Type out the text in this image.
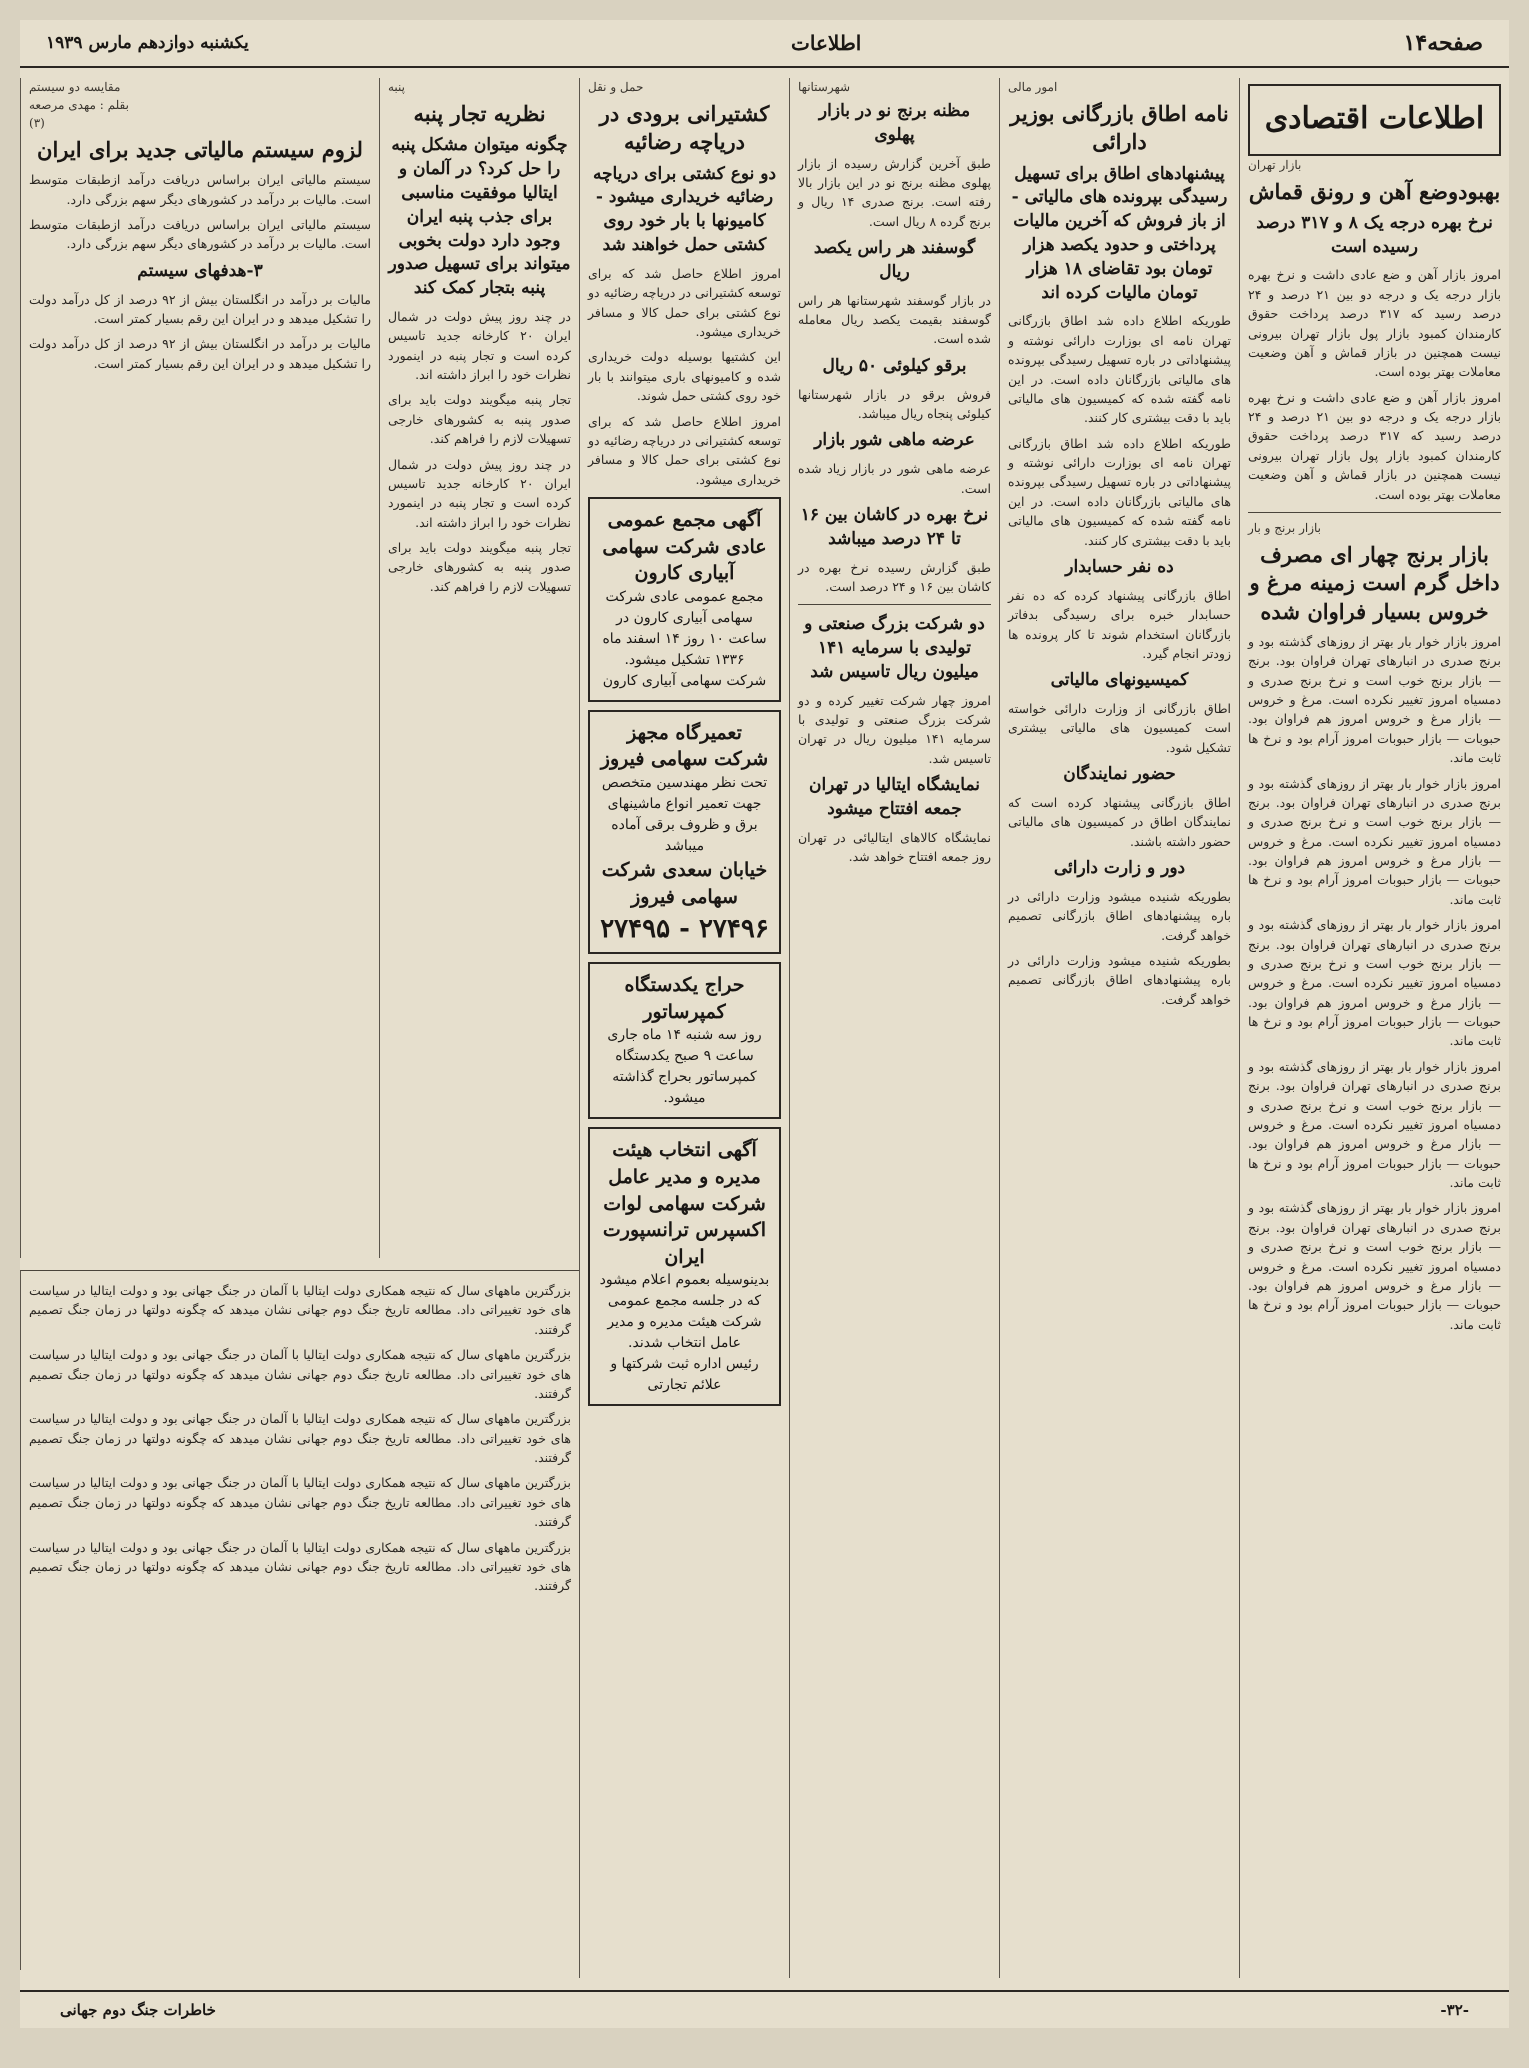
صفحه۱۴
اطلاعات
یکشنبه دوازدهم مارس ۱۹۳۹
اطلاعات اقتصادی
بازار تهران
بهبودوضع آهن و رونق قماش
نرخ بهره درجه یک ۸ و ۳۱۷ درصد رسیده است

امروز بازار آهن و ضع عادی داشت و نرخ بهره بازار درجه یک و درجه دو بین ۲۱ درصد و ۲۴ درصد رسید که ۳۱۷ درصد پرداخت حقوق کارمندان کمبود بازار پول بازار تهران بیرونی نیست همچنین در بازار قماش و آهن وضعیت معاملات بهتر بوده است.

امروز بازار آهن و ضع عادی داشت و نرخ بهره بازار درجه یک و درجه دو بین ۲۱ درصد و ۲۴ درصد رسید که ۳۱۷ درصد پرداخت حقوق کارمندان کمبود بازار پول بازار تهران بیرونی نیست همچنین در بازار قماش و آهن وضعیت معاملات بهتر بوده است.

بازار برنج و بار
بازار برنج چهار ای مصرف داخل گرم است زمینه مرغ و خروس بسیار فراوان شده

امروز بازار خوار بار بهتر از روزهای گذشته بود و برنج صدری در انبارهای تهران فراوان بود. برنج — بازار برنج خوب است و نرخ برنج صدری و دمسیاه امروز تغییر نکرده است. مرغ و خروس — بازار مرغ و خروس امروز هم فراوان بود. حبوبات — بازار حبوبات امروز آرام بود و نرخ ها ثابت ماند.

امروز بازار خوار بار بهتر از روزهای گذشته بود و برنج صدری در انبارهای تهران فراوان بود. برنج — بازار برنج خوب است و نرخ برنج صدری و دمسیاه امروز تغییر نکرده است. مرغ و خروس — بازار مرغ و خروس امروز هم فراوان بود. حبوبات — بازار حبوبات امروز آرام بود و نرخ ها ثابت ماند.

امروز بازار خوار بار بهتر از روزهای گذشته بود و برنج صدری در انبارهای تهران فراوان بود. برنج — بازار برنج خوب است و نرخ برنج صدری و دمسیاه امروز تغییر نکرده است. مرغ و خروس — بازار مرغ و خروس امروز هم فراوان بود. حبوبات — بازار حبوبات امروز آرام بود و نرخ ها ثابت ماند.

امروز بازار خوار بار بهتر از روزهای گذشته بود و برنج صدری در انبارهای تهران فراوان بود. برنج — بازار برنج خوب است و نرخ برنج صدری و دمسیاه امروز تغییر نکرده است. مرغ و خروس — بازار مرغ و خروس امروز هم فراوان بود. حبوبات — بازار حبوبات امروز آرام بود و نرخ ها ثابت ماند.

امروز بازار خوار بار بهتر از روزهای گذشته بود و برنج صدری در انبارهای تهران فراوان بود. برنج — بازار برنج خوب است و نرخ برنج صدری و دمسیاه امروز تغییر نکرده است. مرغ و خروس — بازار مرغ و خروس امروز هم فراوان بود. حبوبات — بازار حبوبات امروز آرام بود و نرخ ها ثابت ماند.

امور مالی
نامه اطاق بازرگانی بوزیر دارائی
پیشنهادهای اطاق برای تسهیل رسیدگی بپرونده های مالیاتی - از باز فروش که آخرین مالیات پرداختی و حدود یکصد هزار تومان بود تقاضای ۱۸ هزار تومان مالیات کرده اند

طوریکه اطلاع داده شد اطاق بازرگانی تهران نامه ای بوزارت دارائی نوشته و پیشنهاداتی در باره تسهیل رسیدگی بپرونده های مالیاتی بازرگانان داده است. در این نامه گفته شده که کمیسیون های مالیاتی باید با دقت بیشتری کار کنند.

طوریکه اطلاع داده شد اطاق بازرگانی تهران نامه ای بوزارت دارائی نوشته و پیشنهاداتی در باره تسهیل رسیدگی بپرونده های مالیاتی بازرگانان داده است. در این نامه گفته شده که کمیسیون های مالیاتی باید با دقت بیشتری کار کنند.

ده نفر حسابدار

اطاق بازرگانی پیشنهاد کرده که ده نفر حسابدار خبره برای رسیدگی بدفاتر بازرگانان استخدام شوند تا کار پرونده ها زودتر انجام گیرد.

کمیسیونهای مالیاتی

اطاق بازرگانی از وزارت دارائی خواسته است کمیسیون های مالیاتی بیشتری تشکیل شود.

حضور نمایندگان

اطاق بازرگانی پیشنهاد کرده است که نمایندگان اطاق در کمیسیون های مالیاتی حضور داشته باشند.

دور و زارت دارائی

بطوریکه شنیده میشود وزارت دارائی در باره پیشنهادهای اطاق بازرگانی تصمیم خواهد گرفت.

بطوریکه شنیده میشود وزارت دارائی در باره پیشنهادهای اطاق بازرگانی تصمیم خواهد گرفت.

شهرستانها
مظنه برنج نو در بازار پهلوی

طبق آخرین گزارش رسیده از بازار پهلوی مظنه برنج نو در این بازار بالا رفته است. برنج صدری ۱۴ ریال و برنج گرده ۸ ریال است.

گوسفند هر راس یکصد ریال

در بازار گوسفند شهرستانها هر راس گوسفند بقیمت یکصد ریال معامله شده است.

برقو کیلوئی ۵۰ ریال

فروش برقو در بازار شهرستانها کیلوئی پنجاه ریال میباشد.

عرضه ماهی شور بازار

عرضه ماهی شور در بازار زیاد شده است.

نرخ بهره در کاشان بین ۱۶ تا ۲۴ درصد میباشد

طبق گزارش رسیده نرخ بهره در کاشان بین ۱۶ و ۲۴ درصد است.

دو شرکت بزرگ صنعتی و تولیدی با سرمایه ۱۴۱ میلیون ریال تاسیس شد

امروز چهار شرکت تغییر کرده و دو شرکت بزرگ صنعتی و تولیدی با سرمایه ۱۴۱ میلیون ریال در تهران تاسیس شد.

نمایشگاه ایتالیا در تهران جمعه افتتاح میشود

نمایشگاه کالاهای ایتالیائی در تهران روز جمعه افتتاح خواهد شد.

حمل و نقل
کشتیرانی برودی در دریاچه رضائیه
دو نوع کشتی برای دریاچه رضائیه خریداری میشود - کامیونها با بار خود روی کشتی حمل خواهند شد

امروز اطلاع حاصل شد که برای توسعه کشتیرانی در دریاچه رضائیه دو نوع کشتی برای حمل کالا و مسافر خریداری میشود.

این کشتیها بوسیله دولت خریداری شده و کامیونهای باری میتوانند با بار خود روی کشتی حمل شوند.

امروز اطلاع حاصل شد که برای توسعه کشتیرانی در دریاچه رضائیه دو نوع کشتی برای حمل کالا و مسافر خریداری میشود.

آگهی مجمع عمومی عادی شرکت سهامی آبیاری کارون
مجمع عمومی عادی شرکت سهامی آبیاری کارون در ساعت ۱۰ روز ۱۴ اسفند ماه ۱۳۳۶ تشکیل میشود.
شرکت سهامی آبیاری کارون
تعمیرگاه مجهز شرکت سهامی فیروز
تحت نظر مهندسین متخصص جهت تعمیر انواع ماشینهای برق و ظروف برقی آماده میباشد
خیابان سعدی شرکت سهامی فیروز
۲۷۴۹۶ - ۲۷۴۹۵
حراج یکدستگاه کمپرساتور
روز سه شنبه ۱۴ ماه جاری ساعت ۹ صبح یکدستگاه کمپرساتور بحراج گذاشته میشود.
آگهی انتخاب هیئت مدیره و مدیر عامل شرکت سهامی لوات اکسپرس ترانسپورت ایران
بدینوسیله بعموم اعلام میشود که در جلسه مجمع عمومی شرکت هیئت مدیره و مدیر عامل انتخاب شدند.
رئیس اداره ثبت شرکتها و علائم تجارتی
پنبه
نظریه تجار پنبه
چگونه میتوان مشکل پنبه را حل کرد؟ در آلمان و ایتالیا موفقیت مناسبی برای جذب پنبه ایران وجود دارد دولت بخوبی میتواند برای تسهیل صدور پنبه بتجار کمک کند

در چند روز پیش دولت در شمال ایران ۲۰ کارخانه جدید تاسیس کرده است و تجار پنبه در اینمورد نظرات خود را ابراز داشته اند.

تجار پنبه میگویند دولت باید برای صدور پنبه به کشورهای خارجی تسهیلات لازم را فراهم کند.

در چند روز پیش دولت در شمال ایران ۲۰ کارخانه جدید تاسیس کرده است و تجار پنبه در اینمورد نظرات خود را ابراز داشته اند.

تجار پنبه میگویند دولت باید برای صدور پنبه به کشورهای خارجی تسهیلات لازم را فراهم کند.

مقایسه دو سیستم
بقلم : مهدی مرصعه
(۳)
لزوم سیستم مالیاتی جدید برای ایران

سیستم مالیاتی ایران براساس دریافت درآمد ازطبقات متوسط است. مالیات بر درآمد در کشورهای دیگر سهم بزرگی دارد.

سیستم مالیاتی ایران براساس دریافت درآمد ازطبقات متوسط است. مالیات بر درآمد در کشورهای دیگر سهم بزرگی دارد.

۳-هدفهای سیستم

مالیات بر درآمد در انگلستان بیش از ۹۲ درصد از کل درآمد دولت را تشکیل میدهد و در ایران این رقم بسیار کمتر است.

مالیات بر درآمد در انگلستان بیش از ۹۲ درصد از کل درآمد دولت را تشکیل میدهد و در ایران این رقم بسیار کمتر است.

بزرگترین ماههای سال که نتیجه همکاری دولت ایتالیا با آلمان در جنگ جهانی بود و دولت ایتالیا در سیاست های خود تغییراتی داد. مطالعه تاریخ جنگ دوم جهانی نشان میدهد که چگونه دولتها در زمان جنگ تصمیم گرفتند.

بزرگترین ماههای سال که نتیجه همکاری دولت ایتالیا با آلمان در جنگ جهانی بود و دولت ایتالیا در سیاست های خود تغییراتی داد. مطالعه تاریخ جنگ دوم جهانی نشان میدهد که چگونه دولتها در زمان جنگ تصمیم گرفتند.

بزرگترین ماههای سال که نتیجه همکاری دولت ایتالیا با آلمان در جنگ جهانی بود و دولت ایتالیا در سیاست های خود تغییراتی داد. مطالعه تاریخ جنگ دوم جهانی نشان میدهد که چگونه دولتها در زمان جنگ تصمیم گرفتند.

بزرگترین ماههای سال که نتیجه همکاری دولت ایتالیا با آلمان در جنگ جهانی بود و دولت ایتالیا در سیاست های خود تغییراتی داد. مطالعه تاریخ جنگ دوم جهانی نشان میدهد که چگونه دولتها در زمان جنگ تصمیم گرفتند.

بزرگترین ماههای سال که نتیجه همکاری دولت ایتالیا با آلمان در جنگ جهانی بود و دولت ایتالیا در سیاست های خود تغییراتی داد. مطالعه تاریخ جنگ دوم جهانی نشان میدهد که چگونه دولتها در زمان جنگ تصمیم گرفتند.

-۳۲-
خاطرات جنگ دوم جهانی
